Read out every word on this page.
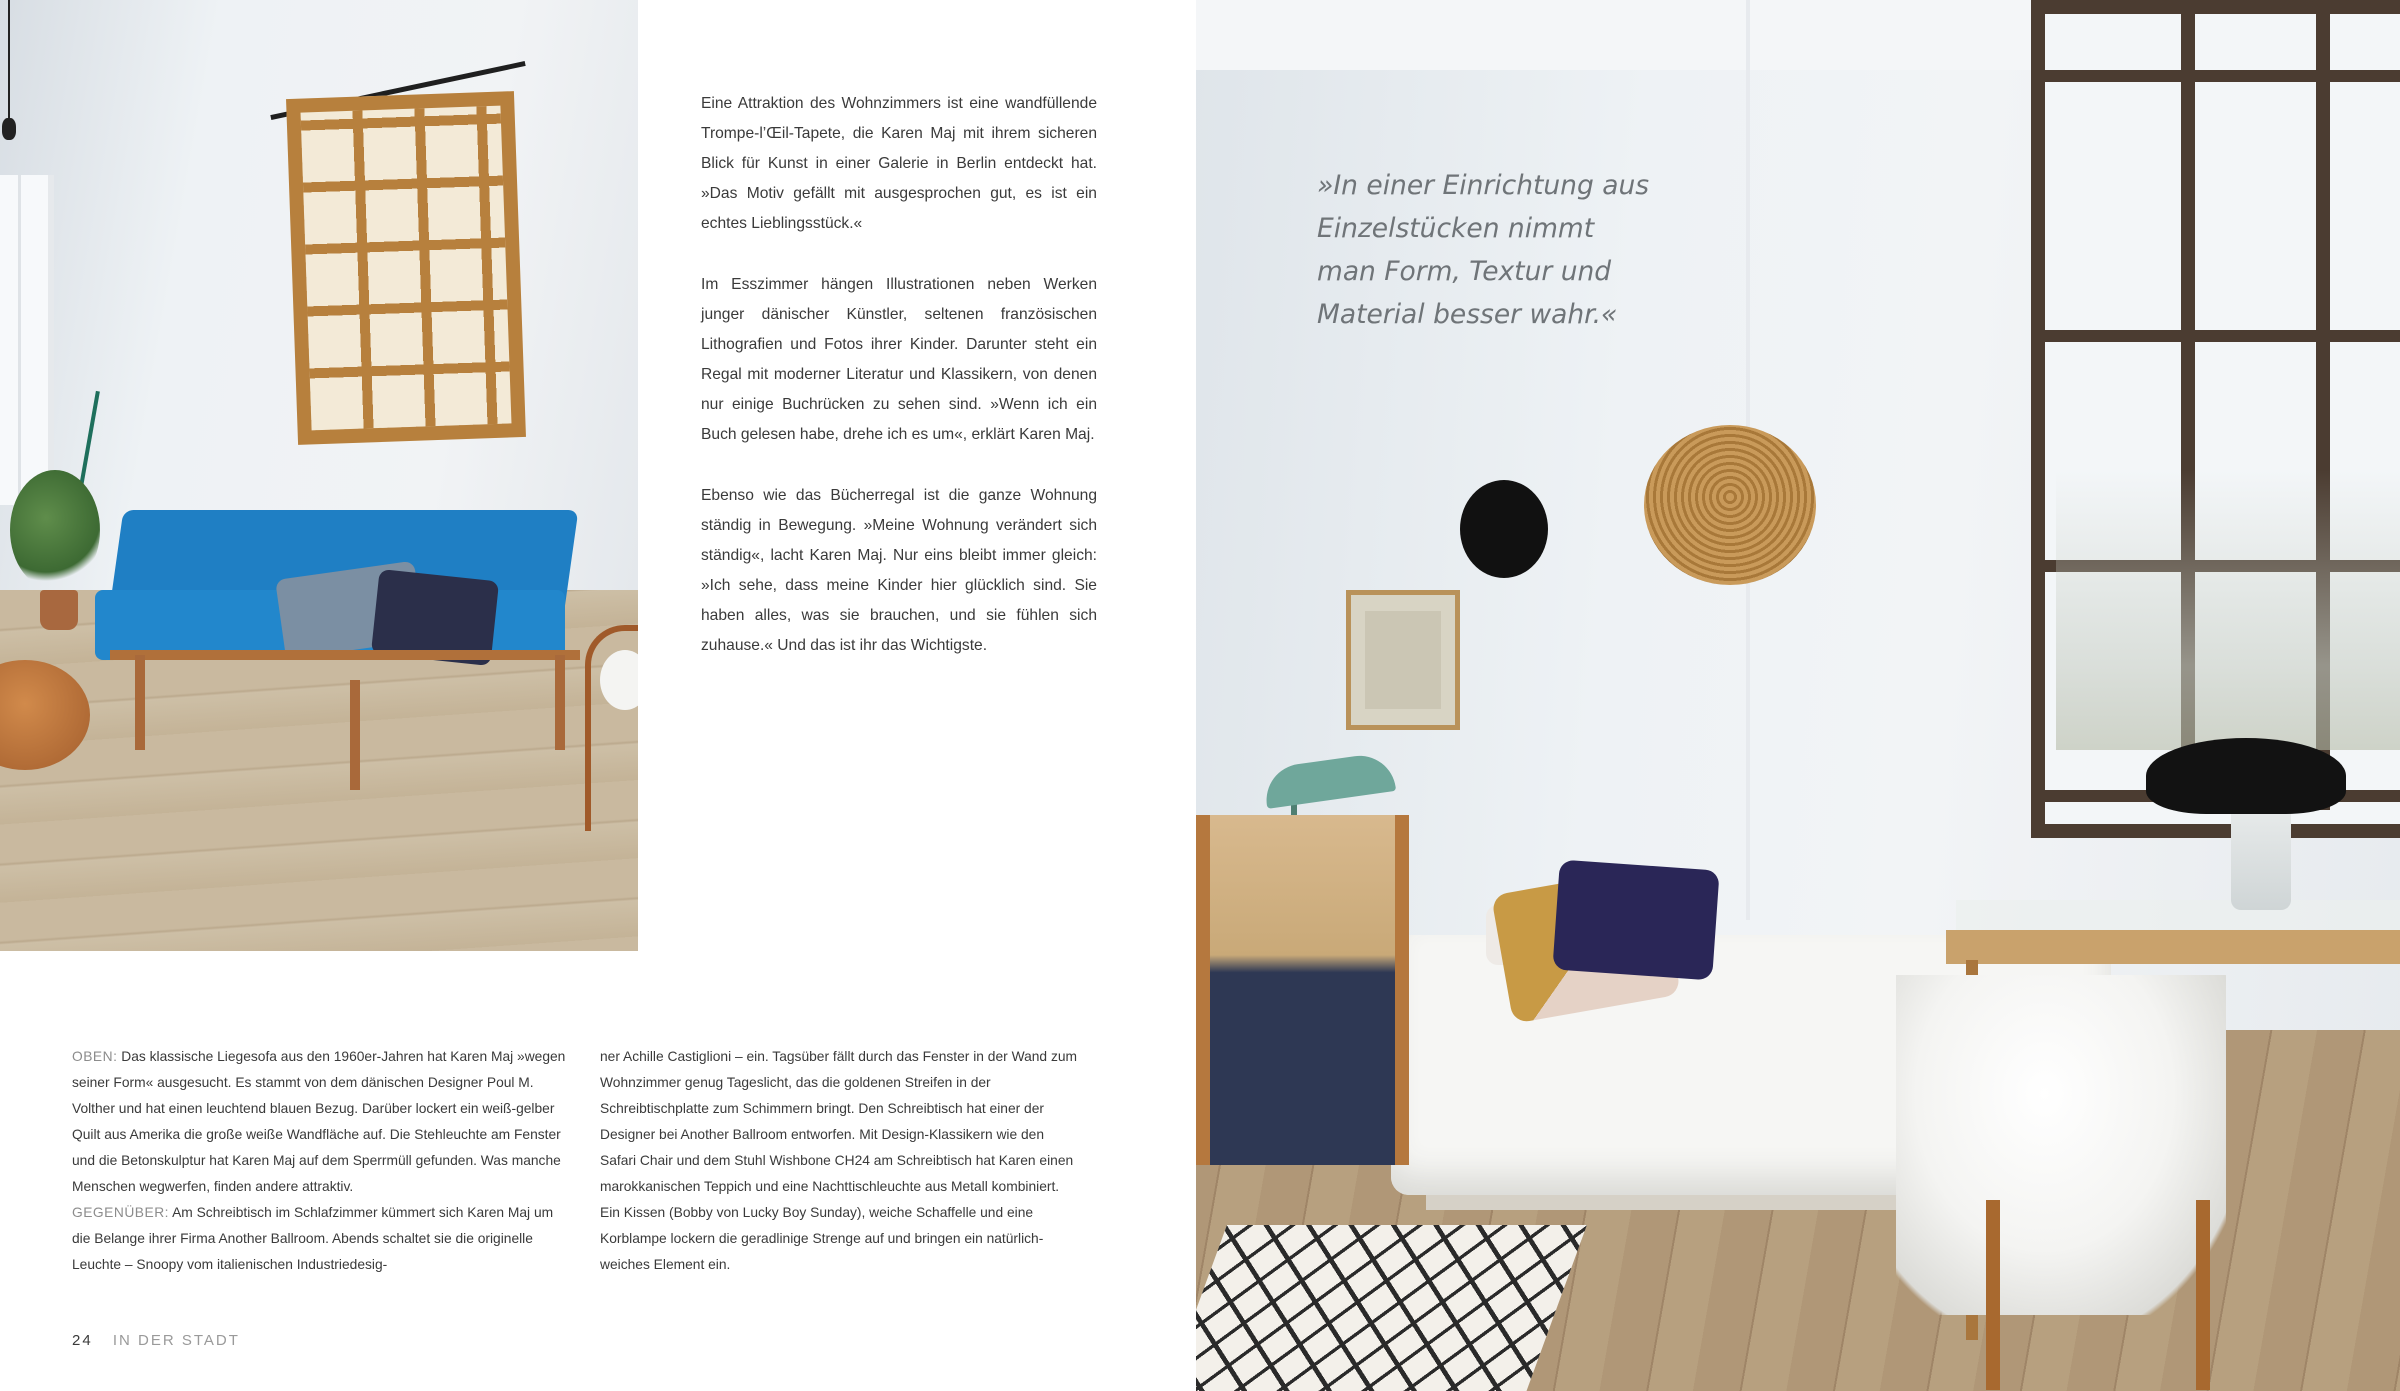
Eine Attraktion des Wohnzimmers ist eine wandfüllende Trompe-l’Œil-Tapete, die Karen Maj mit ihrem sicheren Blick für Kunst in einer Galerie in Berlin entdeckt hat. »Das Motiv gefällt mit ausgesprochen gut, es ist ein echtes Lieblingsstück.«

Im Esszimmer hängen Illustrationen neben Werken junger dänischer Künstler, seltenen französischen Lithografien und Fotos ihrer Kinder. Darunter steht ein Regal mit moderner Literatur und Klassikern, von denen nur einige Buchrücken zu sehen sind. »Wenn ich ein Buch gelesen habe, drehe ich es um«, erklärt Karen Maj.

Ebenso wie das Bücherregal ist die ganze Wohnung ständig in Bewegung. »Meine Wohnung verändert sich ständig«, lacht Karen Maj. Nur eins bleibt immer gleich: »Ich sehe, dass meine Kinder hier glücklich sind. Sie haben alles, was sie brauchen, und sie fühlen sich zuhause.« Und das ist ihr das Wichtigste.

OBEN: Das klassische Liegesofa aus den 1960er-Jahren hat Karen Maj »wegen seiner Form« ausgesucht. Es stammt von dem dänischen Designer Poul M. Volther und hat einen leuchtend blauen Bezug. Darüber lockert ein weiß-gelber Quilt aus Amerika die große weiße Wandfläche auf. Die Stehleuchte am Fenster und die Betonskulptur hat Karen Maj auf dem Sperrmüll gefunden. Was manche Menschen wegwerfen, finden andere attraktiv.
GEGENÜBER: Am Schreibtisch im Schlafzimmer kümmert sich Karen Maj um die Belange ihrer Firma Another Ballroom. Abends schaltet sie die originelle Leuchte – Snoopy vom italienischen Industriedesig-
ner Achille Castiglioni – ein. Tagsüber fällt durch das Fenster in der Wand zum Wohnzimmer genug Tageslicht, das die goldenen Streifen in der Schreibtischplatte zum Schimmern bringt. Den Schreibtisch hat einer der Designer bei Another Ballroom entworfen. Mit Design-Klassikern wie den Safari Chair und dem Stuhl Wishbone CH24 am Schreibtisch hat Karen einen marokkanischen Teppich und eine Nachttischleuchte aus Metall kombiniert. Ein Kissen (Bobby von Lucky Boy Sunday), weiche Schaffelle und eine Korblampe lockern die geradlinige Strenge auf und bringen ein natürlich-weiches Element ein.
24 IN DER STADT
»In einer Einrichtung aus Einzelstücken nimmt man Form, Textur und Material besser wahr.«
